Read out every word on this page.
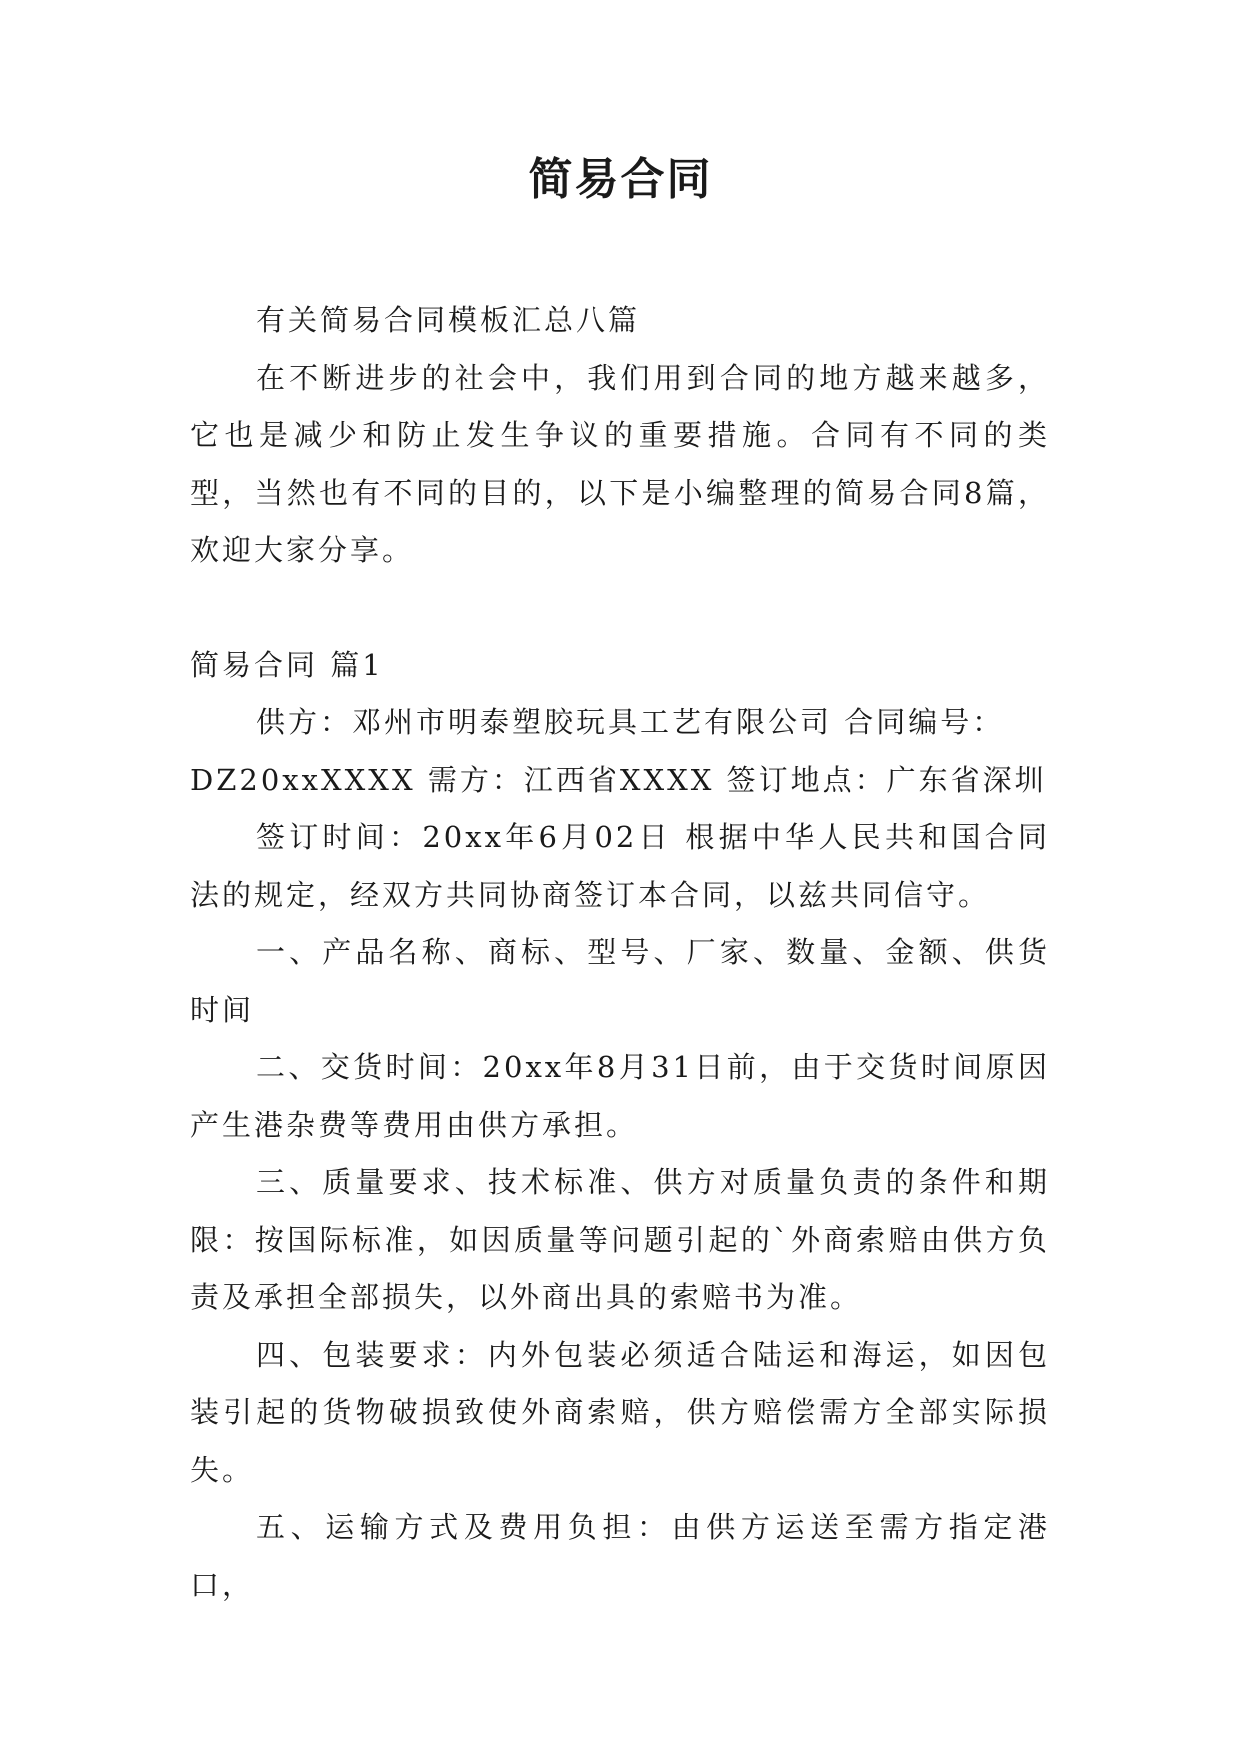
简易合同

有关简易合同模板汇总八篇

在不断进步的社会中，我们用到合同的地方越来越多，它也是减少和防止发生争议的重要措施。合同有不同的类型，当然也有不同的目的，以下是小编整理的简易合同8篇，欢迎大家分享。

简易合同 篇1

供方：邓州市明泰塑胶玩具工艺有限公司 合同编号：

DZ20xxXXXX 需方：江西省XXXX 签订地点：广东省深圳

签订时间：20xx年6月02日 根据中华人民共和国合同法的规定，经双方共同协商签订本合同，以兹共同信守。

一、产品名称、商标、型号、厂家、数量、金额、供货时间

二、交货时间：20xx年8月31日前，由于交货时间原因产生港杂费等费用由供方承担。

三、质量要求、技术标准、供方对质量负责的条件和期限：按国际标准，如因质量等问题引起的`外商索赔由供方负责及承担全部损失，以外商出具的索赔书为准。

四、包装要求：内外包装必须适合陆运和海运，如因包装引起的货物破损致使外商索赔，供方赔偿需方全部实际损失。

五、运输方式及费用负担：由供方运送至需方指定港口，
